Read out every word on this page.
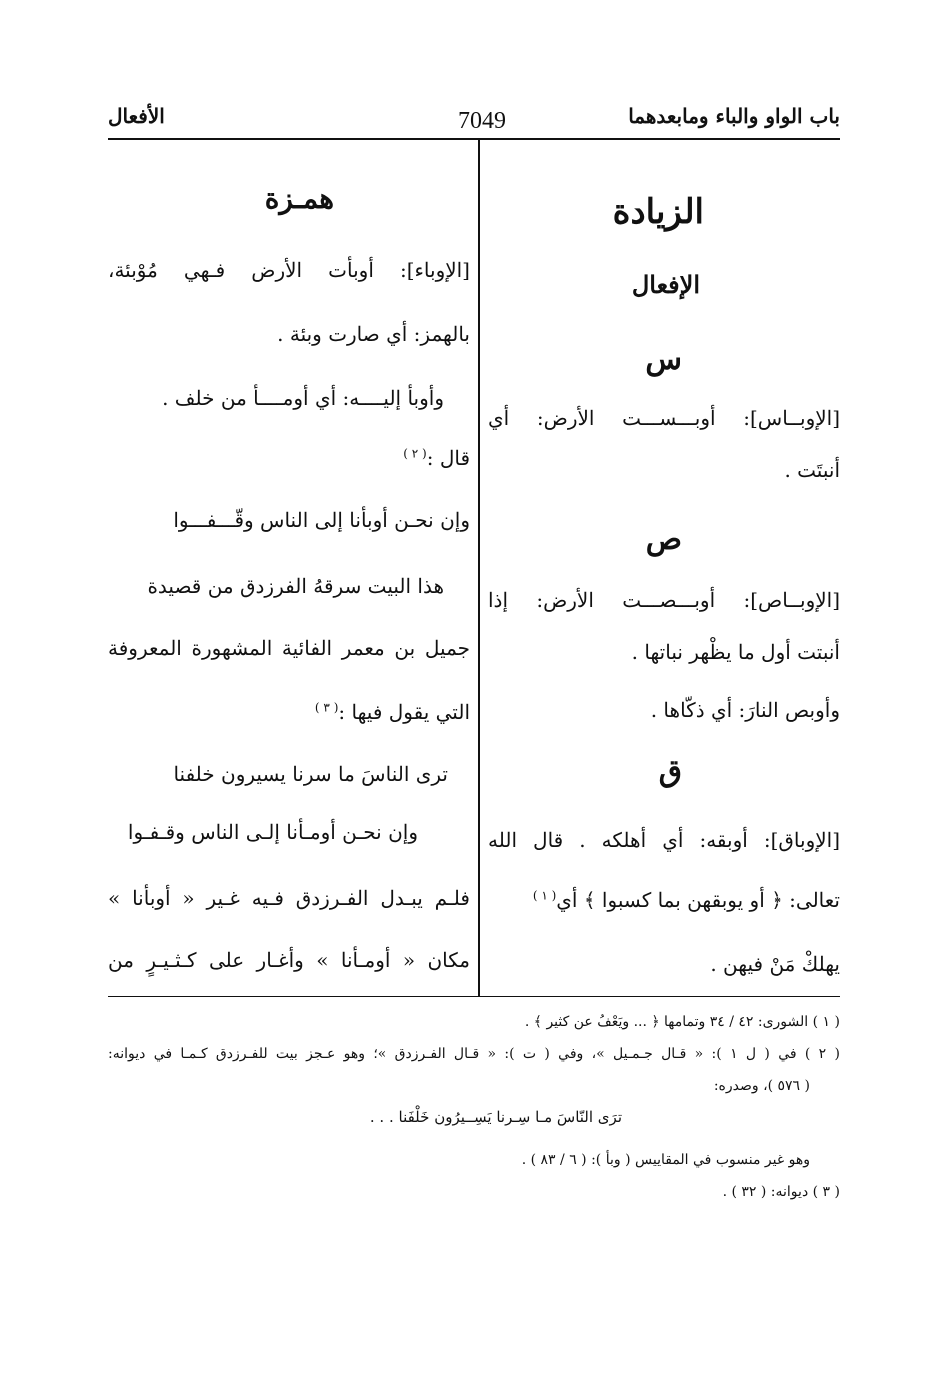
باب الواو والباء ومابعدهما
7049
الأفعال
الزيادة
الإفعال
س
[الإوبــاس]: أوبـــســـت الأرض: أي
أنبتَت .
ص
[الإوبــاص]: أوبـــصـــت الأرض: إذا
أنبتت أول ما يظْهر نباتها .
وأوبص النارَ: أي ذكّاها .
ق
[الإوباق]: أوبقه: أي أهلكه . قال الله
تعالى: ﴿ أو يوبقهن بما كسبوا ﴾ أي$^{( ١ )}$
يهلكْ مَنْ فيهن .
همـزة
[الإوباء]: أوبأت الأرض فـهي مُوْبئة،
بالهمز: أي صارت وبئة .
وأوبأ إليــــه: أي أومــــأ من خلف .
قال :$^{( ٢ )}$
وإن نحـن أوبأنا إلى الناس وقّـــفـــوا
هذا البيت سرقهُ الفرزدق من قصيدة
جميل بن معمر الفائية المشهورة المعروفة
التي يقول فيها :$^{( ٣ )}$
ترى الناسَ ما سرنا يسيرون خلفنا
وإن نحـن أومـأنا إلـى الناس وقـفـوا
فلـم يبـدل الفـرزدق فـيه غـير « أوبأنا »
مكان « أومـأنا » وأغـار على كـثـيـرٍ من
( ١ ) الشورى: ٤٢ / ٣٤ وتمامها ﴿ ... ويَعْفُ عن كثير ﴾ .
( ٢ ) في ( ل ١ ): « قـال جـمـيل »، وفي ( ت ): « قـال الفـرزدق »؛ وهو عـجز بيت للفـرزدق كـمـا في ديوانه:
( ٥٧٦ )، وصدره:
ترَى النّاسَ مـا سِـرنا يَسِــيرُون خَلْفَنا . . .
وهو غير منسوب في المقاييس ( وبأ ): ( ٦ / ٨٣ ) .
( ٣ ) ديوانه: ( ٣٢ ) .
